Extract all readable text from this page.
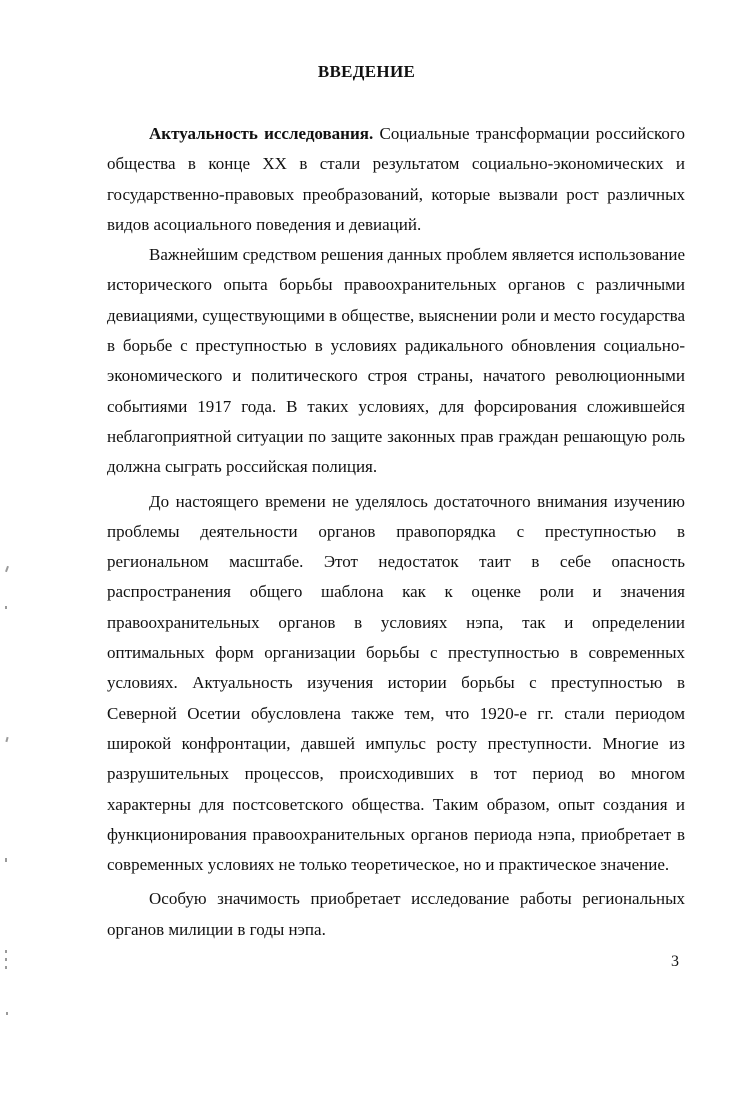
ВВЕДЕНИЕ

Актуальность исследования. Социальные трансформации российского общества в конце XX в стали результатом социально-экономических и государственно-правовых преобразований, которые вызвали рост различных видов асоциального поведения и девиаций.

Важнейшим средством решения данных проблем является использование исторического опыта борьбы правоохранительных органов с различными девиациями, существующими в обществе, выяснении роли и место государства в борьбе с преступностью в условиях радикального обновления социально-экономического и политического строя страны, начатого революционными событиями 1917 года. В таких условиях, для форсирования сложившейся неблагоприятной ситуации по защите законных прав граждан решающую роль должна сыграть российская полиция.

До настоящего времени не уделялось достаточного внимания изучению проблемы деятельности органов правопорядка с преступностью в региональном масштабе. Этот недостаток таит в себе опасность распространения общего шаблона как к оценке роли и значения правоохранительных органов в условиях нэпа, так и определении оптимальных форм организации борьбы с преступностью в современных условиях. Актуальность изучения истории борьбы с преступностью в Северной Осетии обусловлена также тем, что 1920-е гг. стали периодом широкой конфронтации, давшей импульс росту преступности. Многие из разрушительных процессов, происходивших в тот период во многом характерны для постсоветского общества. Таким образом, опыт создания и функционирования правоохранительных органов периода нэпа, приобретает в современных условиях не только теоретическое, но и практическое значение.

Особую значимость приобретает исследование работы региональных органов милиции в годы нэпа.

3
